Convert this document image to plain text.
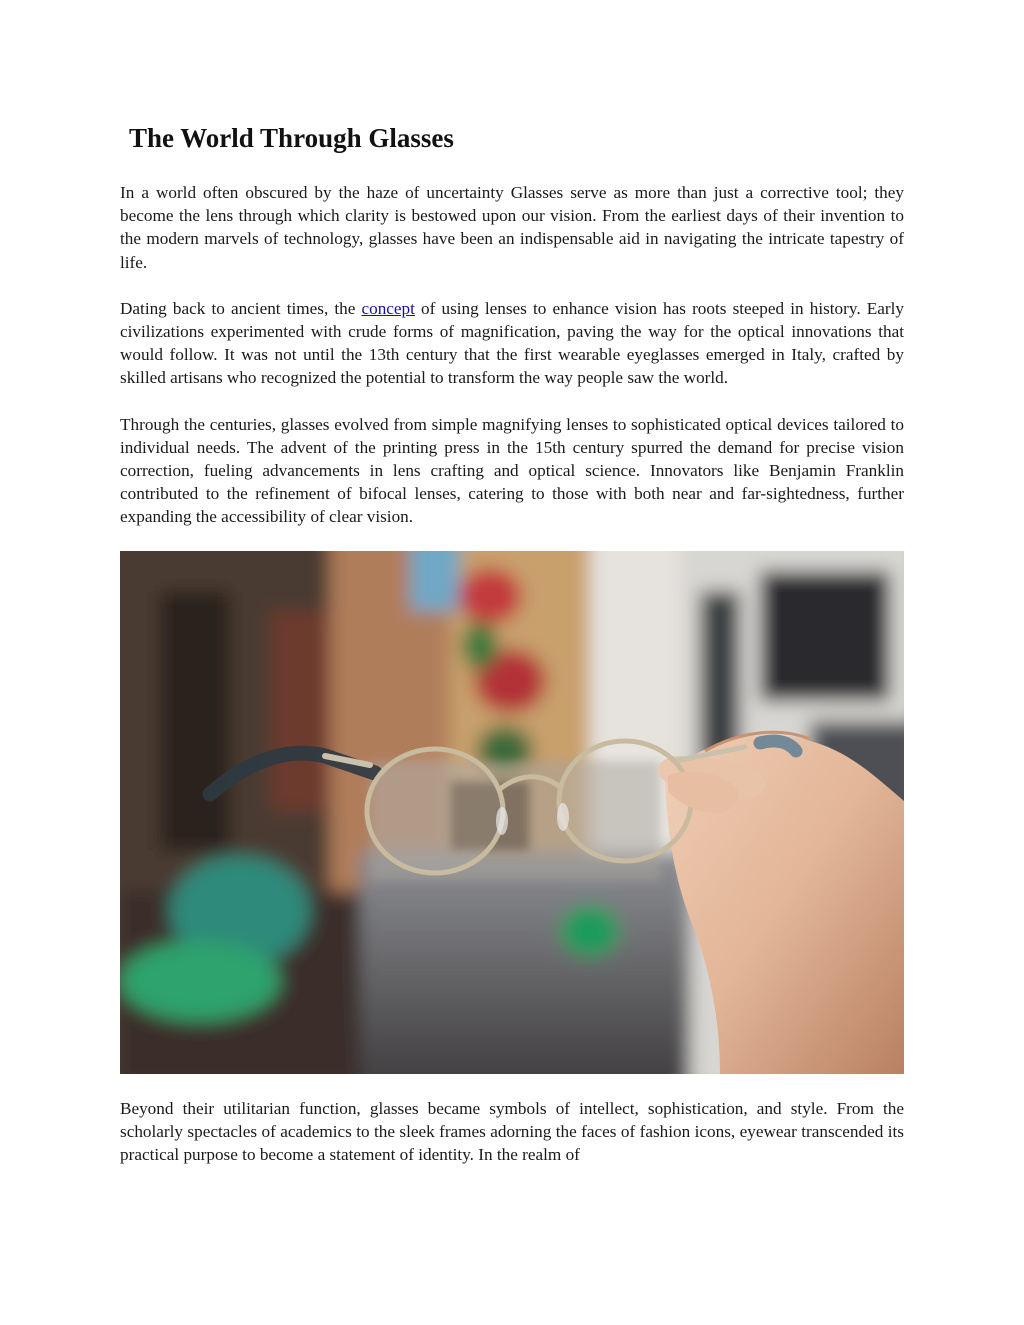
The World Through Glasses

In a world often obscured by the haze of uncertainty Glasses serve as more than just a corrective tool; they become the lens through which clarity is bestowed upon our vision. From the earliest days of their invention to the modern marvels of technology, glasses have been an indispensable aid in navigating the intricate tapestry of life.

Dating back to ancient times, the concept of using lenses to enhance vision has roots steeped in history. Early civilizations experimented with crude forms of magnification, paving the way for the optical innovations that would follow. It was not until the 13th century that the first wearable eyeglasses emerged in Italy, crafted by skilled artisans who recognized the potential to transform the way people saw the world.

Through the centuries, glasses evolved from simple magnifying lenses to sophisticated optical devices tailored to individual needs. The advent of the printing press in the 15th century spurred the demand for precise vision correction, fueling advancements in lens crafting and optical science. Innovators like Benjamin Franklin contributed to the refinement of bifocal lenses, catering to those with both near and far-sightedness, further expanding the accessibility of clear vision.

Beyond their utilitarian function, glasses became symbols of intellect, sophistication, and style. From the scholarly spectacles of academics to the sleek frames adorning the faces of fashion icons, eyewear transcended its practical purpose to become a statement of identity. In the realm of
